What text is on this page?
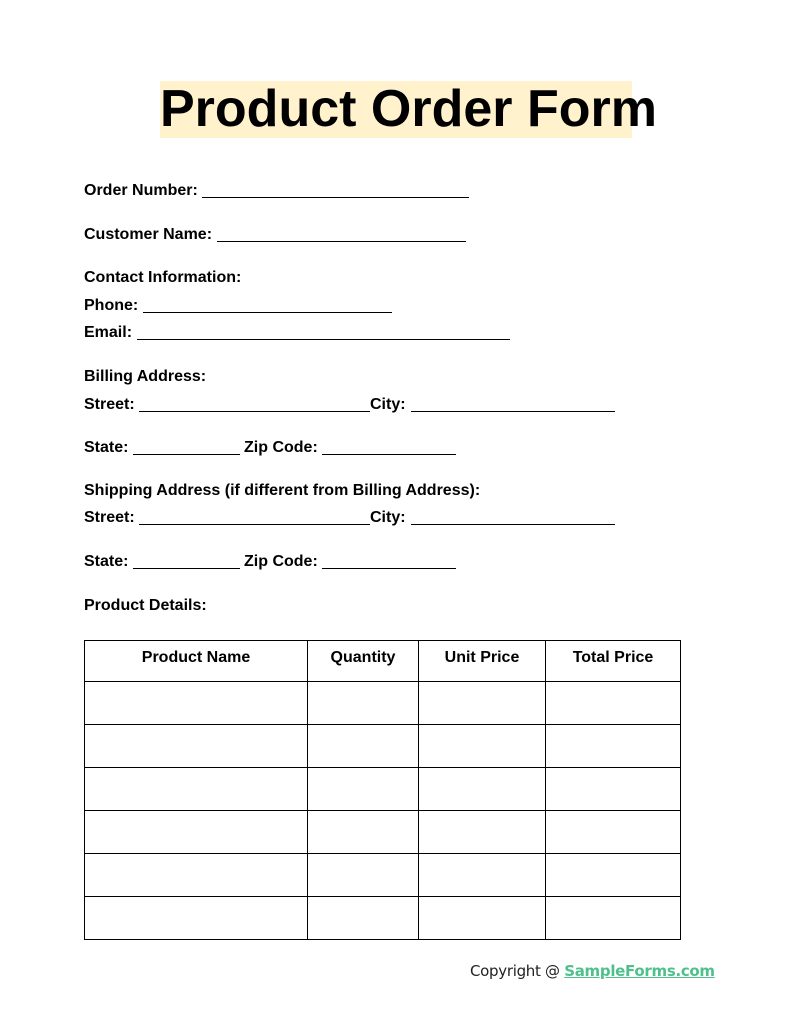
Product Order Form
Order Number:
Customer Name:
Contact Information:
Phone:
Email:
Billing Address:
Street:	City:
State:	Zip Code:
Shipping Address (if different from Billing Address):
Street:	City:
State:	Zip Code:
Product Details:
Product Name	Quantity	Unit Price	Total Price

Copyright @ SampleForms.com
